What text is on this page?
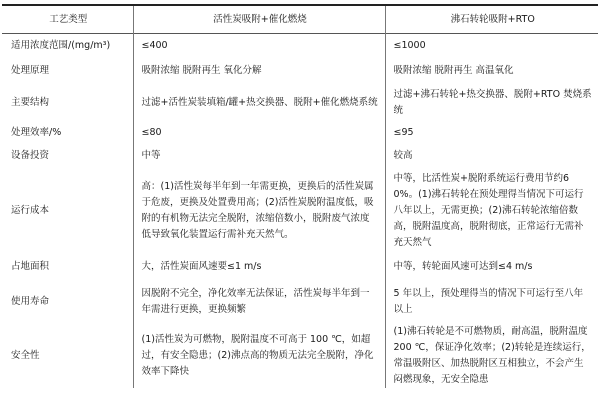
工艺类型	活性炭吸附+催化燃烧	沸石转轮吸附+RTO
适用浓度范围/(mg/m³)	≤400	≤1000
处理原理	吸附浓缩 脱附再生 氧化分解	吸附浓缩 脱附再生 高温氧化
主要结构	过滤+活性炭装填箱/罐+热交换器、脱附+催化燃烧系统	过滤+沸石转轮+热交换器、脱附+RTO 焚烧系统
处理效率/%	≤80	≤95
设备投资	中等	较高
运行成本	高：(1)活性炭每半年到一年需更换，更换后的活性炭属于危废，更换及处置费用高；(2)活性炭脱附温度低，吸附的有机物无法完全脱附，浓缩倍数小，脱附废气浓度低导致氧化装置运行需补充天然气。	中等，比活性炭+脱附系统运行费用节约60%。(1)沸石转轮在预处理得当情况下可运行八年以上，无需更换；(2)沸石转轮浓缩倍数高，脱附温度高，脱附彻底，正常运行无需补充天然气
占地面积	大，活性炭面风速要≤1 m/s	中等，转轮面风速可达到≤4 m/s
使用寿命	因脱附不完全，净化效率无法保证，活性炭每半年到一年需进行更换，更换频繁	5 年以上，预处理得当的情况下可运行至八年以上
安全性	(1)活性炭为可燃物，脱附温度不可高于 100 ℃，如超过，有安全隐患；(2)沸点高的物质无法完全脱附，净化效率下降快	(1)沸石转轮是不可燃物质，耐高温，脱附温度 200 ℃，保证净化效率；(2)转轮是连续运行，常温吸附区、加热脱附区互相独立，不会产生闷燃现象，无安全隐患
